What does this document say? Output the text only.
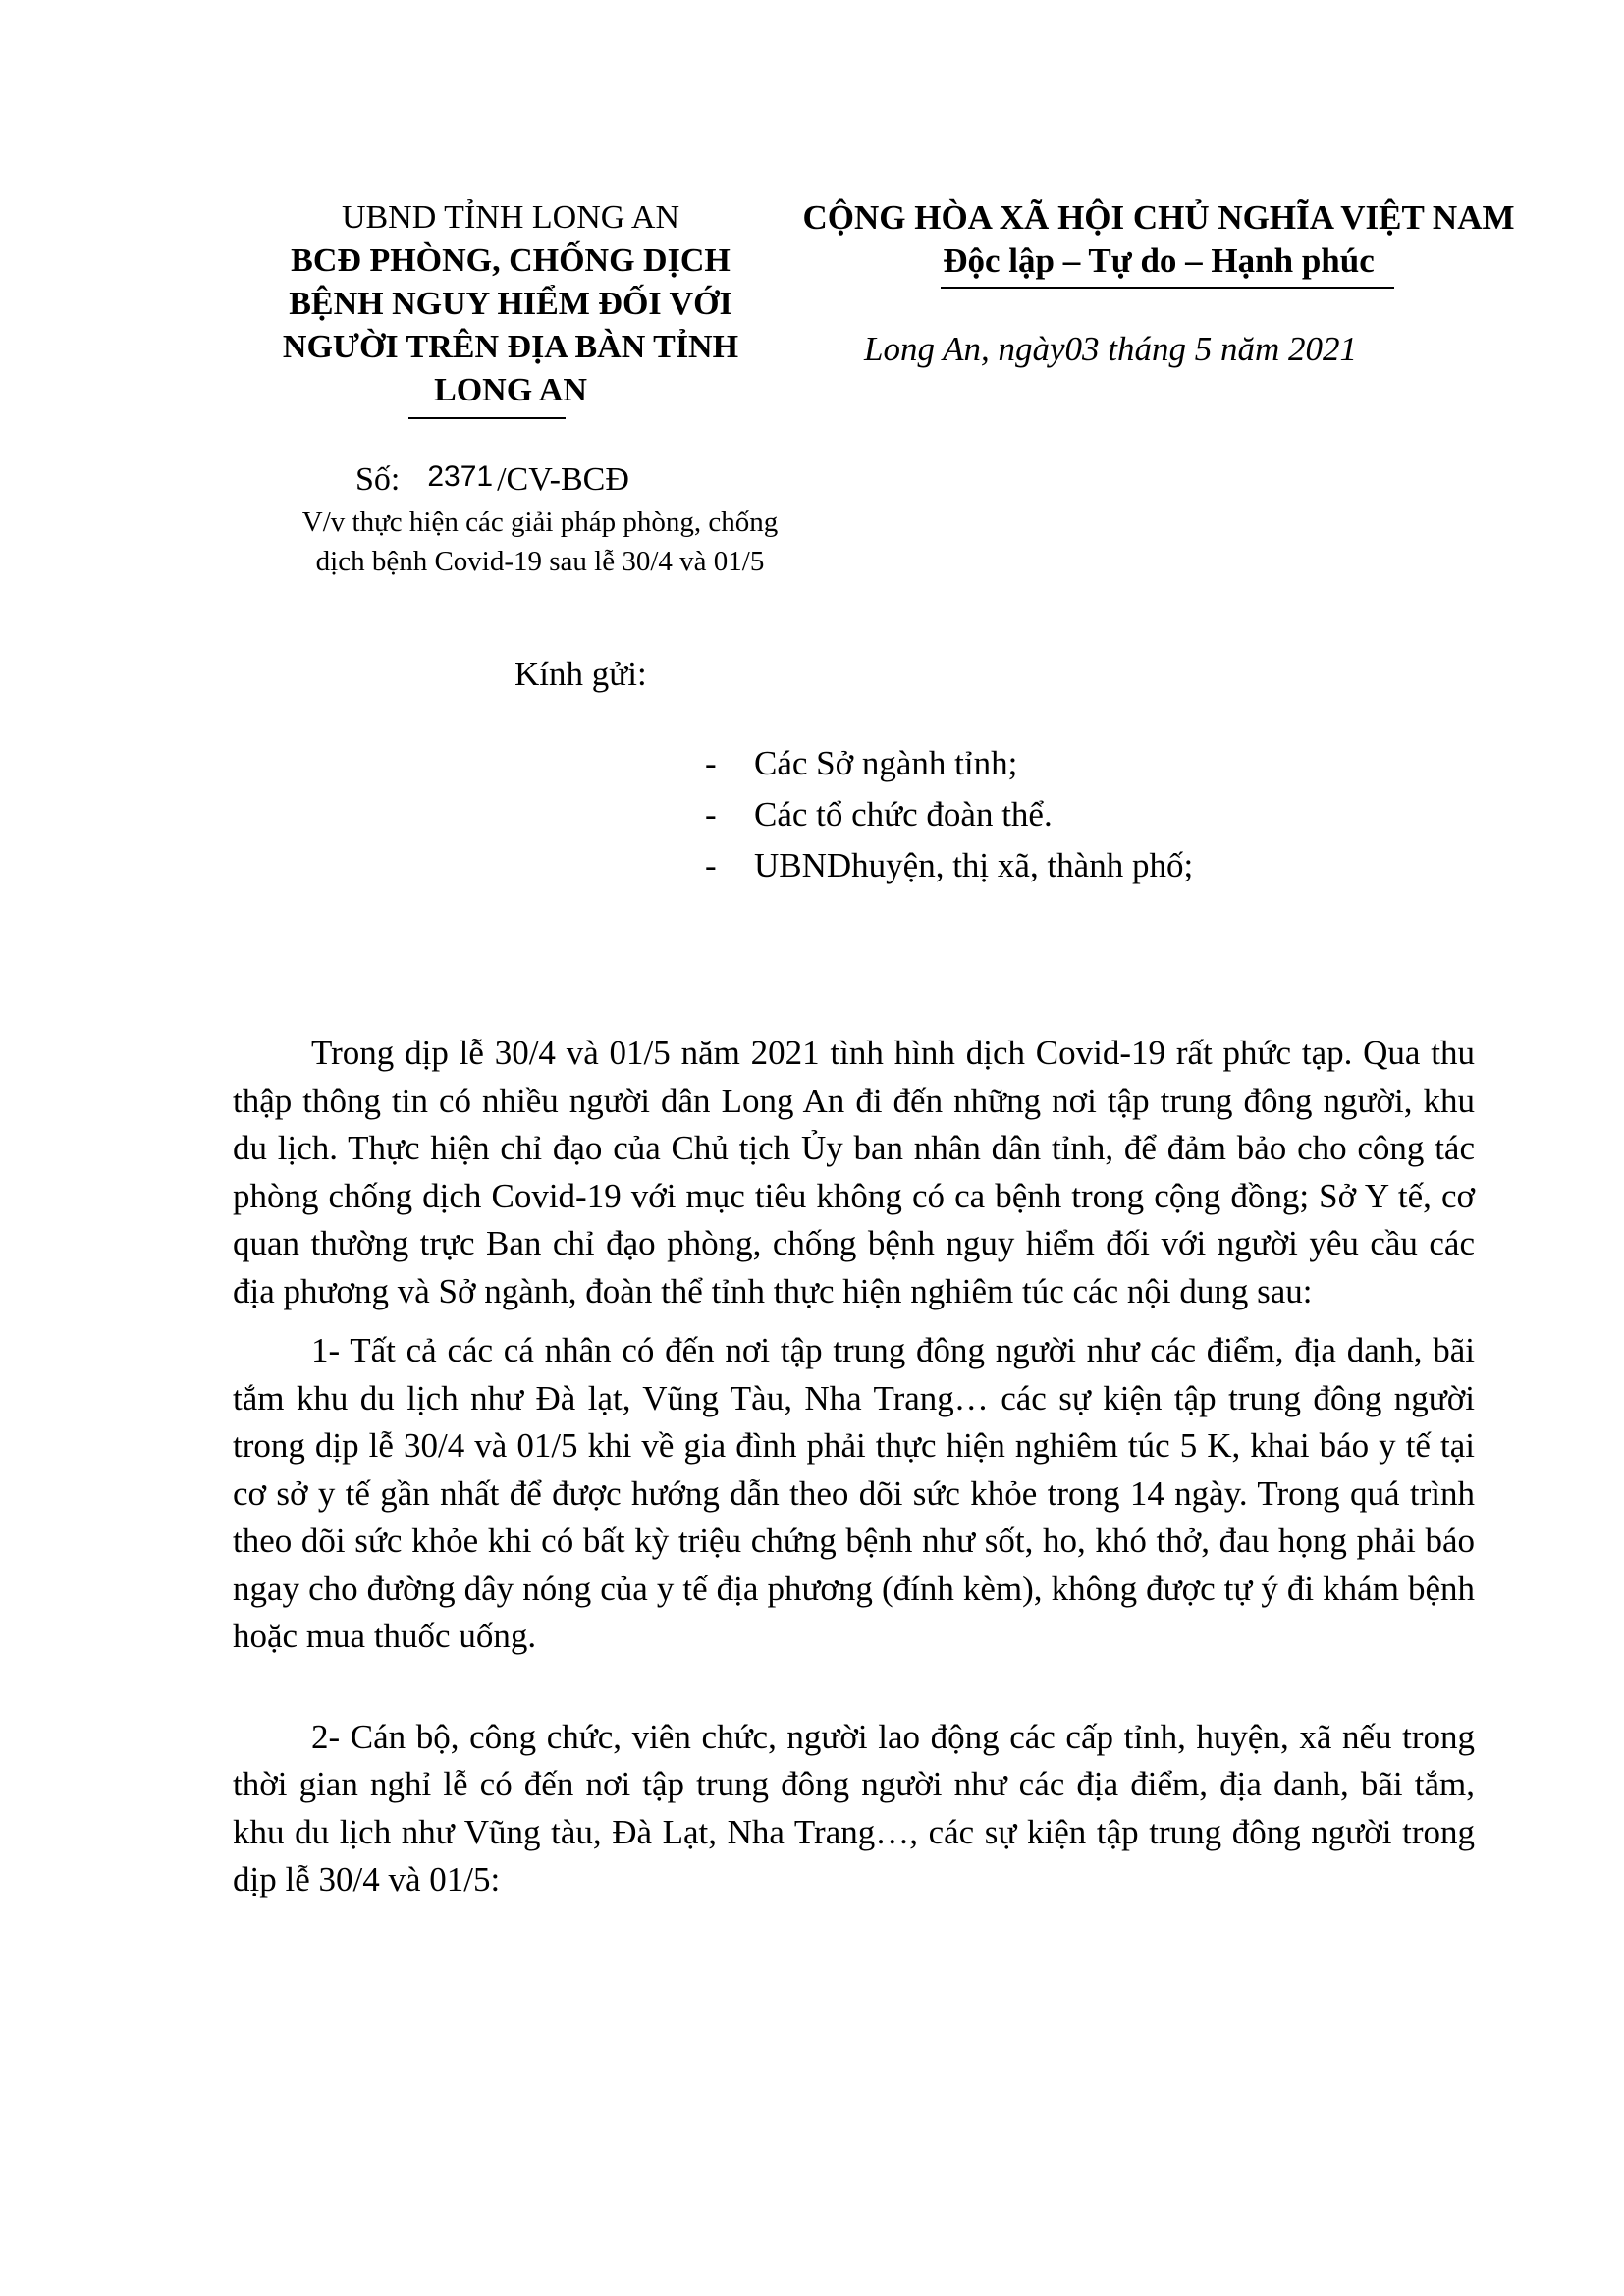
UBND TỈNH LONG AN
BCĐ PHÒNG, CHỐNG DỊCH
BỆNH NGUY HIỂM ĐỐI VỚI
NGƯỜI TRÊN ĐỊA BÀN TỈNH
LONG AN
CỘNG HÒA XÃ HỘI CHỦ NGHĨA VIỆT NAM
Độc lập – Tự do – Hạnh phúc
Long An, ngày03 tháng 5 năm 2021
Số: 2371 /CV-BCĐ
V/v thực hiện các giải pháp phòng, chống
dịch bệnh Covid-19 sau lễ 30/4 và 01/5
Kính gửi:
- Các Sở ngành tỉnh;
- Các tổ chức đoàn thể.
- UBNDhuyện, thị xã, thành phố;

Trong dịp lễ 30/4 và 01/5 năm 2021 tình hình dịch Covid-19 rất phức tạp. Qua thu thập thông tin có nhiều người dân Long An đi đến những nơi tập trung đông người, khu du lịch. Thực hiện chỉ đạo của Chủ tịch Ủy ban nhân dân tỉnh, để đảm bảo cho công tác phòng chống dịch Covid-19 với mục tiêu không có ca bệnh trong cộng đồng; Sở Y tế, cơ quan thường trực Ban chỉ đạo phòng, chống bệnh nguy hiểm đối với người yêu cầu các địa phương và Sở ngành, đoàn thể tỉnh thực hiện nghiêm túc các nội dung sau:

1- Tất cả các cá nhân có đến nơi tập trung đông người như các điểm, địa danh, bãi tắm khu du lịch như Đà lạt, Vũng Tàu, Nha Trang… các sự kiện tập trung đông người trong dịp lễ 30/4 và 01/5 khi về gia đình phải thực hiện nghiêm túc 5 K, khai báo y tế tại cơ sở y tế gần nhất để được hướng dẫn theo dõi sức khỏe trong 14 ngày. Trong quá trình theo dõi sức khỏe khi có bất kỳ triệu chứng bệnh như sốt, ho, khó thở, đau họng phải báo ngay cho đường dây nóng của y tế địa phương (đính kèm), không được tự ý đi khám bệnh hoặc mua thuốc uống.

2- Cán bộ, công chức, viên chức, người lao động các cấp tỉnh, huyện, xã nếu trong thời gian nghỉ lễ có đến nơi tập trung đông người như các địa điểm, địa danh, bãi tắm, khu du lịch như Vũng tàu, Đà Lạt, Nha Trang…, các sự kiện tập trung đông người trong dịp lễ 30/4 và 01/5:
